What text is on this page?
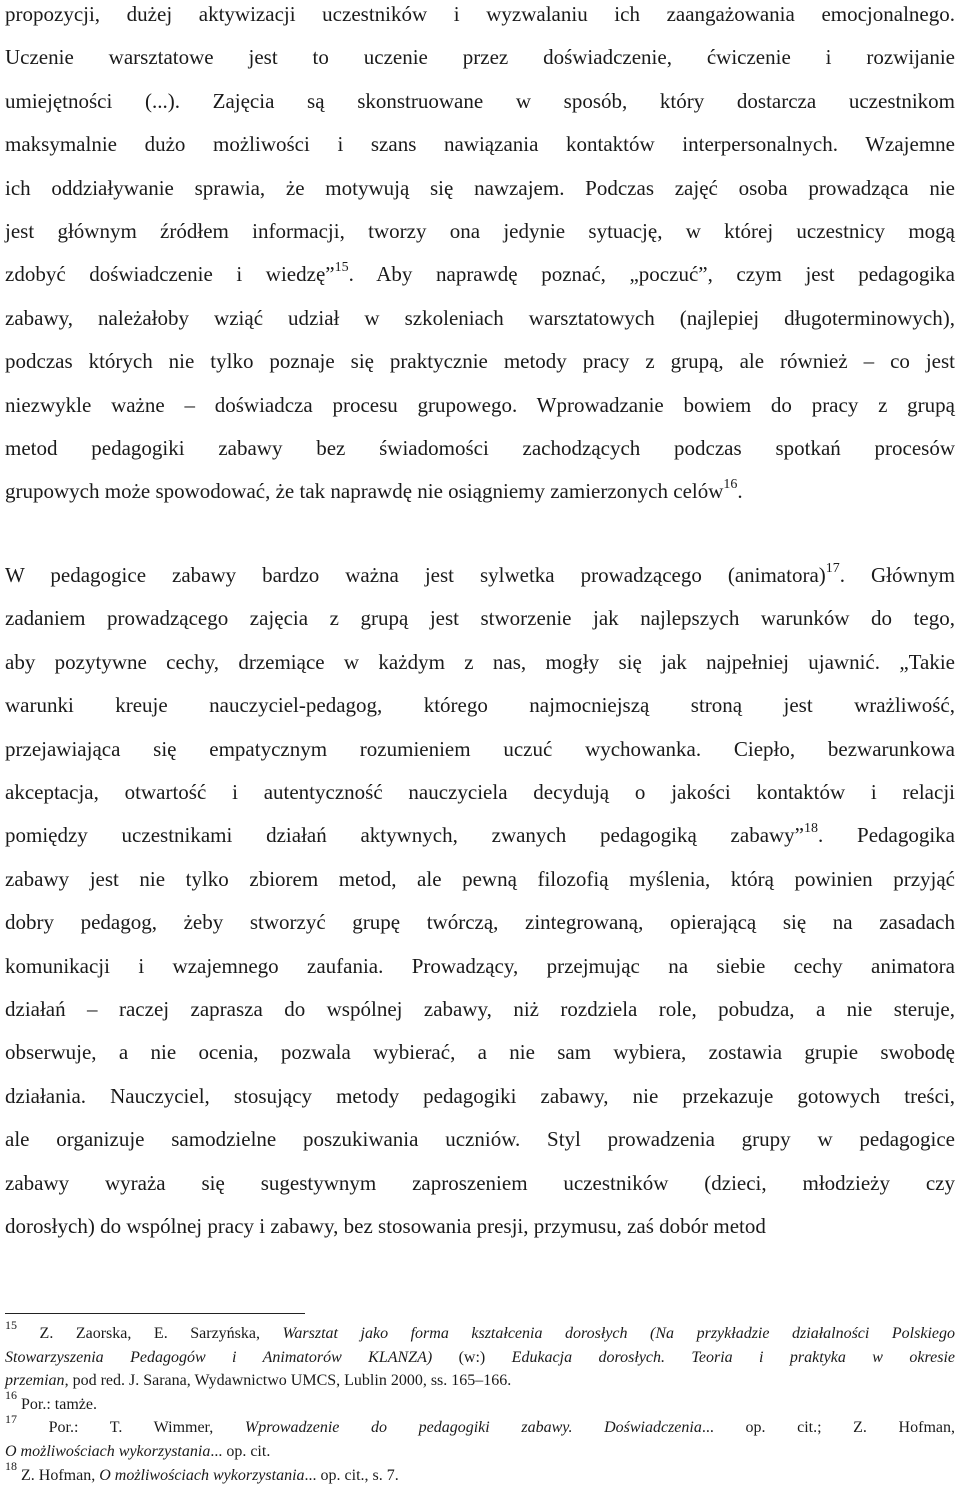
propozycji, dużej aktywizacji uczestników i wyzwalaniu ich zaangażowania emocjonalnego.
Uczenie warsztatowe jest to uczenie przez doświadczenie, ćwiczenie i rozwijanie
umiejętności (...). Zajęcia są skonstruowane w sposób, który dostarcza uczestnikom
maksymalnie dużo możliwości i szans nawiązania kontaktów interpersonalnych. Wzajemne
ich oddziaływanie sprawia, że motywują się nawzajem. Podczas zajęć osoba prowadząca nie
jest głównym źródłem informacji, tworzy ona jedynie sytuację, w której uczestnicy mogą
zdobyć doświadczenie i wiedzę”$^{15}$. Aby naprawdę poznać, „poczuć”, czym jest pedagogika
zabawy, należałoby wziąć udział w szkoleniach warsztatowych (najlepiej długoterminowych),
podczas których nie tylko poznaje się praktycznie metody pracy z grupą, ale również – co jest
niezwykle ważne – doświadcza procesu grupowego. Wprowadzanie bowiem do pracy z grupą
metod pedagogiki zabawy bez świadomości zachodzących podczas spotkań procesów
grupowych może spowodować, że tak naprawdę nie osiągniemy zamierzonych celów$^{16}$.
W pedagogice zabawy bardzo ważna jest sylwetka prowadzącego (animatora)$^{17}$. Głównym
zadaniem prowadzącego zajęcia z grupą jest stworzenie jak najlepszych warunków do tego,
aby pozytywne cechy, drzemiące w każdym z nas, mogły się jak najpełniej ujawnić. „Takie
warunki kreuje nauczyciel-pedagog, którego najmocniejszą stroną jest wrażliwość,
przejawiająca się empatycznym rozumieniem uczuć wychowanka. Ciepło, bezwarunkowa
akceptacja, otwartość i autentyczność nauczyciela decydują o jakości kontaktów i relacji
pomiędzy uczestnikami działań aktywnych, zwanych pedagogiką zabawy”$^{18}$. Pedagogika
zabawy jest nie tylko zbiorem metod, ale pewną filozofią myślenia, którą powinien przyjąć
dobry pedagog, żeby stworzyć grupę twórczą, zintegrowaną, opierającą się na zasadach
komunikacji i wzajemnego zaufania. Prowadzący, przejmując na siebie cechy animatora
działań – raczej zaprasza do wspólnej zabawy, niż rozdziela role, pobudza, a nie steruje,
obserwuje, a nie ocenia, pozwala wybierać, a nie sam wybiera, zostawia grupie swobodę
działania. Nauczyciel, stosujący metody pedagogiki zabawy, nie przekazuje gotowych treści,
ale organizuje samodzielne poszukiwania uczniów. Styl prowadzenia grupy w pedagogice
zabawy wyraża się sugestywnym zaproszeniem uczestników (dzieci, młodzieży czy
dorosłych) do wspólnej pracy i zabawy, bez stosowania presji, przymusu, zaś dobór metod
$^{15}$ Z. Zaorska, E. Sarzyńska, Warsztat jako forma kształcenia dorosłych (Na przykładzie działalności Polskiego
Stowarzyszenia Pedagogów i Animatorów KLANZA) (w:) Edukacja dorosłych. Teoria i praktyka w okresie
przemian, pod red. J. Sarana, Wydawnictwo UMCS, Lublin 2000, ss. 165–166.
$^{16}$ Por.: tamże.
$^{17}$ Por.: T. Wimmer, Wprowadzenie do pedagogiki zabawy. Doświadczenia... op. cit.; Z. Hofman,
O możliwościach wykorzystania... op. cit.
$^{18}$ Z. Hofman, O możliwościach wykorzystania... op. cit., s. 7.
